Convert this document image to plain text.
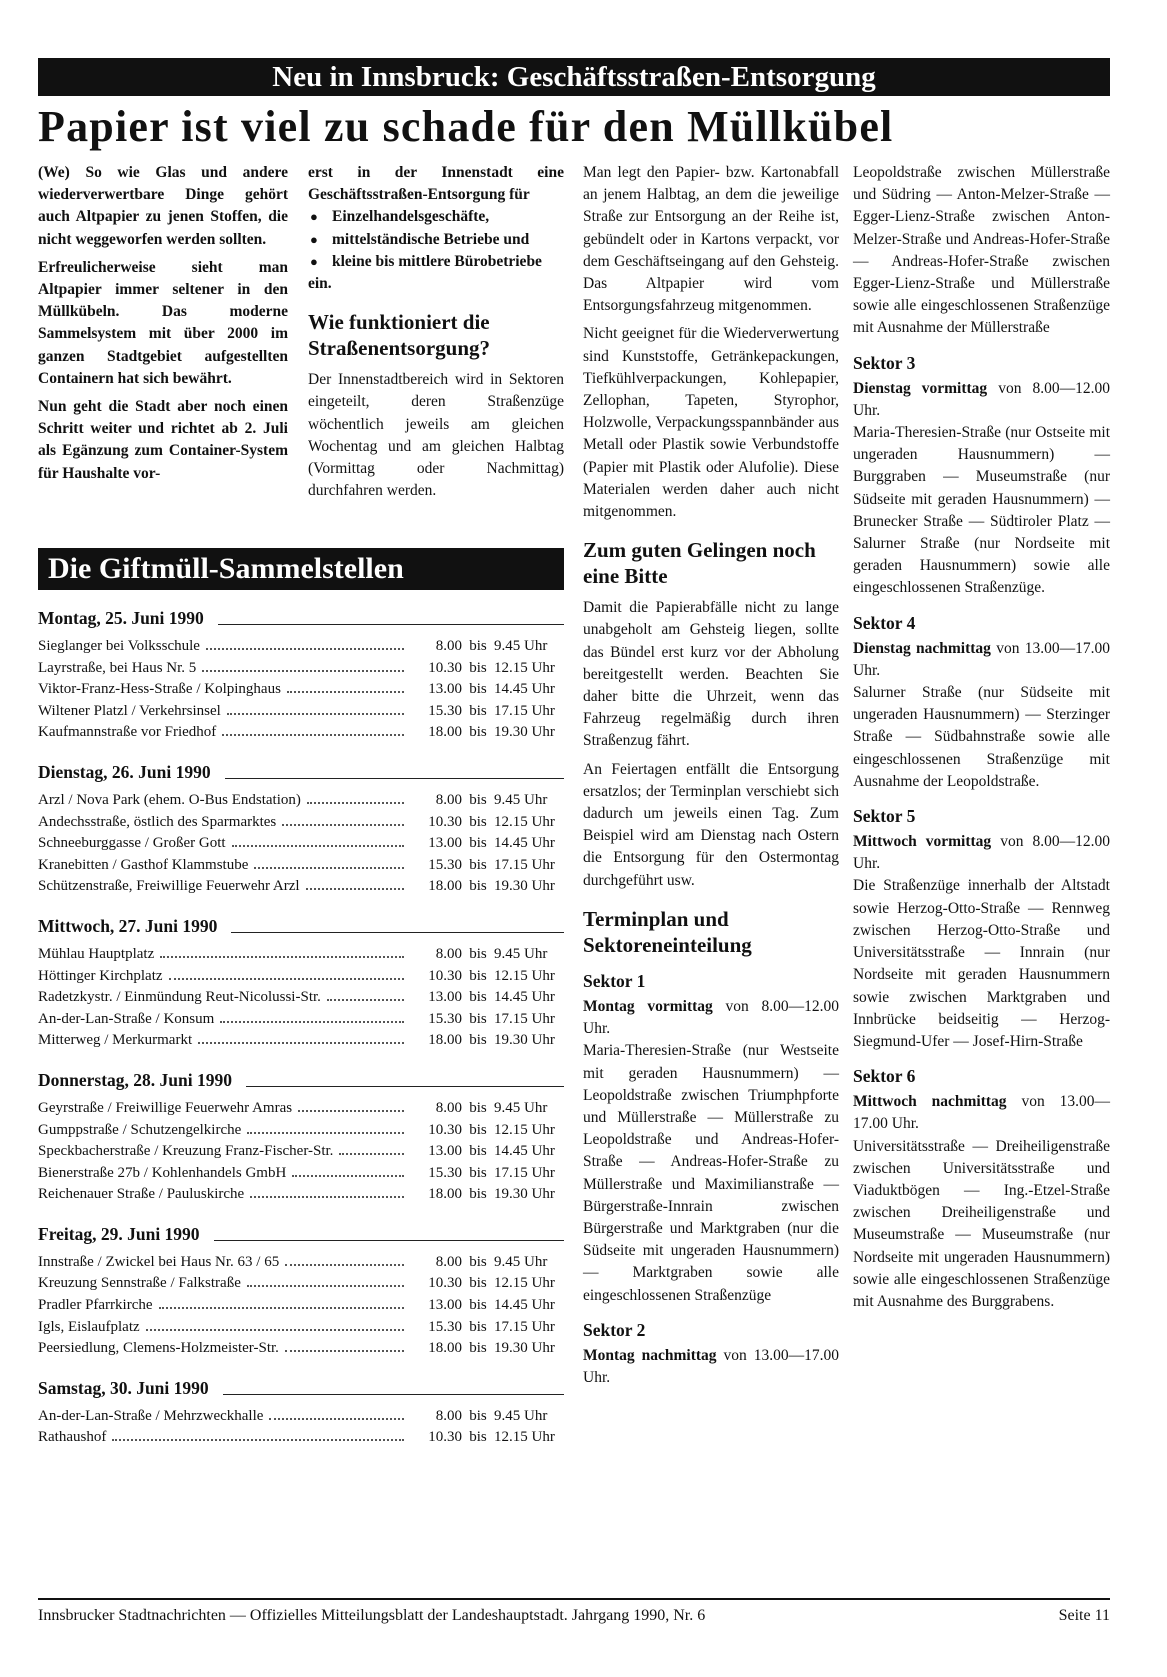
Neu in Innsbruck: Geschäftsstraßen-Entsorgung
Papier ist viel zu schade für den Müllkübel

(We) So wie Glas und andere wiederverwertbare Dinge gehört auch Altpapier zu jenen Stoffen, die nicht weggeworfen werden sollten.

Erfreulicherweise sieht man Altpapier immer seltener in den Müllkübeln. Das moderne Sammelsystem mit über 2000 im ganzen Stadtgebiet aufgestellten Containern hat sich bewährt.

Nun geht die Stadt aber noch einen Schritt weiter und richtet ab 2. Juli als Egänzung zum Container-System für Haushalte vor-

erst in der Innenstadt eine Geschäftsstraßen-Entsorgung für

● Einzelhandelsgeschäfte,
● mittelständische Betriebe und
● kleine bis mittlere Bürobetriebe

ein.

Wie funktioniert die Straßenentsorgung?

Der Innenstadtbereich wird in Sektoren eingeteilt, deren Straßenzüge wöchentlich jeweils am gleichen Wochentag und am gleichen Halbtag (Vormittag oder Nachmittag) durchfahren werden.

Man legt den Papier- bzw. Kartonabfall an jenem Halbtag, an dem die jeweilige Straße zur Entsorgung an der Reihe ist, gebündelt oder in Kartons verpackt, vor dem Geschäftseingang auf den Gehsteig. Das Altpapier wird vom Entsorgungsfahrzeug mitgenommen.

Nicht geeignet für die Wiederverwertung sind Kunststoffe, Getränkepackungen, Tiefkühlverpackungen, Kohlepapier, Zellophan, Tapeten, Styrophor, Holzwolle, Verpackungsspannbänder aus Metall oder Plastik sowie Verbundstoffe (Papier mit Plastik oder Alufolie). Diese Materialen werden daher auch nicht mitgenommen.

Zum guten Gelingen noch eine Bitte

Damit die Papierabfälle nicht zu lange unabgeholt am Gehsteig liegen, sollte das Bündel erst kurz vor der Abholung bereitgestellt werden. Beachten Sie daher bitte die Uhrzeit, wenn das Fahrzeug regelmäßig durch ihren Straßenzug fährt.

An Feiertagen entfällt die Entsorgung ersatzlos; der Terminplan verschiebt sich dadurch um jeweils einen Tag. Zum Beispiel wird am Dienstag nach Ostern die Entsorgung für den Ostermontag durchgeführt usw.

Terminplan und Sektoreneinteilung
Sektor 1

Montag vormittag von 8.00—12.00 Uhr.

Maria-Theresien-Straße (nur Westseite mit geraden Hausnummern) — Leopoldstraße zwischen Triumphpforte und Müllerstraße — Müllerstraße zu Leopoldstraße und Andreas-Hofer-Straße — Andreas-Hofer-Straße zu Müllerstraße und Maximilianstraße — Bürgerstraße-Innrain zwischen Bürgerstraße und Marktgraben (nur die Südseite mit ungeraden Hausnummern) — Marktgraben sowie alle eingeschlossenen Straßenzüge

Sektor 2

Montag nachmittag von 13.00—17.00 Uhr.

Leopoldstraße zwischen Müllerstraße und Südring — Anton-Melzer-Straße — Egger-Lienz-Straße zwischen Anton-Melzer-Straße und Andreas-Hofer-Straße — Andreas-Hofer-Straße zwischen Egger-Lienz-Straße und Müllerstraße sowie alle eingeschlossenen Straßenzüge mit Ausnahme der Müllerstraße

Sektor 3

Dienstag vormittag von 8.00—12.00 Uhr.

Maria-Theresien-Straße (nur Ostseite mit ungeraden Hausnummern) — Burggraben — Museumstraße (nur Südseite mit geraden Hausnummern) — Brunecker Straße — Südtiroler Platz — Salurner Straße (nur Nordseite mit geraden Hausnummern) sowie alle eingeschlossenen Straßenzüge.

Sektor 4

Dienstag nachmittag von 13.00—17.00 Uhr.

Salurner Straße (nur Südseite mit ungeraden Hausnummern) — Sterzinger Straße — Südbahnstraße sowie alle eingeschlossenen Straßenzüge mit Ausnahme der Leopoldstraße.

Sektor 5

Mittwoch vormittag von 8.00—12.00 Uhr.

Die Straßenzüge innerhalb der Altstadt sowie Herzog-Otto-Straße — Rennweg zwischen Herzog-Otto-Straße und Universitätsstraße — Innrain (nur Nordseite mit geraden Hausnummern sowie zwischen Marktgraben und Innbrücke beidseitig — Herzog-Siegmund-Ufer — Josef-Hirn-Straße

Sektor 6

Mittwoch nachmittag von 13.00—17.00 Uhr.

Universitätsstraße — Dreiheiligenstraße zwischen Universitätsstraße und Viaduktbögen — Ing.-Etzel-Straße zwischen Dreiheiligenstraße und Museumstraße — Museumstraße (nur Nordseite mit ungeraden Hausnummern) sowie alle eingeschlossenen Straßenzüge mit Ausnahme des Burggrabens.

Die Giftmüll-Sammelstellen
Montag, 25. Juni 1990
Sieglanger bei Volksschule	8.00 bis 9.45 Uhr
Layrstraße, bei Haus Nr. 5	10.30 bis 12.15 Uhr
Viktor-Franz-Hess-Straße / Kolpinghaus	13.00 bis 14.45 Uhr
Wiltener Platzl / Verkehrsinsel	15.30 bis 17.15 Uhr
Kaufmannstraße vor Friedhof	18.00 bis 19.30 Uhr
Dienstag, 26. Juni 1990
Arzl / Nova Park (ehem. O-Bus Endstation)	8.00 bis 9.45 Uhr
Andechsstraße, östlich des Sparmarktes	10.30 bis 12.15 Uhr
Schneeburggasse / Großer Gott	13.00 bis 14.45 Uhr
Kranebitten / Gasthof Klammstube	15.30 bis 17.15 Uhr
Schützenstraße, Freiwillige Feuerwehr Arzl	18.00 bis 19.30 Uhr
Mittwoch, 27. Juni 1990
Mühlau Hauptplatz	8.00 bis 9.45 Uhr
Höttinger Kirchplatz	10.30 bis 12.15 Uhr
Radetzkystr. / Einmündung Reut-Nicolussi-Str.	13.00 bis 14.45 Uhr
An-der-Lan-Straße / Konsum	15.30 bis 17.15 Uhr
Mitterweg / Merkurmarkt	18.00 bis 19.30 Uhr
Donnerstag, 28. Juni 1990
Geyrstraße / Freiwillige Feuerwehr Amras	8.00 bis 9.45 Uhr
Gumppstraße / Schutzengelkirche	10.30 bis 12.15 Uhr
Speckbacherstraße / Kreuzung Franz-Fischer-Str.	13.00 bis 14.45 Uhr
Bienerstraße 27b / Kohlenhandels GmbH	15.30 bis 17.15 Uhr
Reichenauer Straße / Pauluskirche	18.00 bis 19.30 Uhr
Freitag, 29. Juni 1990
Innstraße / Zwickel bei Haus Nr. 63 / 65	8.00 bis 9.45 Uhr
Kreuzung Sennstraße / Falkstraße	10.30 bis 12.15 Uhr
Pradler Pfarrkirche	13.00 bis 14.45 Uhr
Igls, Eislaufplatz	15.30 bis 17.15 Uhr
Peersiedlung, Clemens-Holzmeister-Str.	18.00 bis 19.30 Uhr
Samstag, 30. Juni 1990
An-der-Lan-Straße / Mehrzweckhalle	8.00 bis 9.45 Uhr
Rathaushof	10.30 bis 12.15 Uhr
Innsbrucker Stadtnachrichten — Offizielles Mitteilungsblatt der Landeshauptstadt. Jahrgang 1990, Nr. 6	Seite 11
